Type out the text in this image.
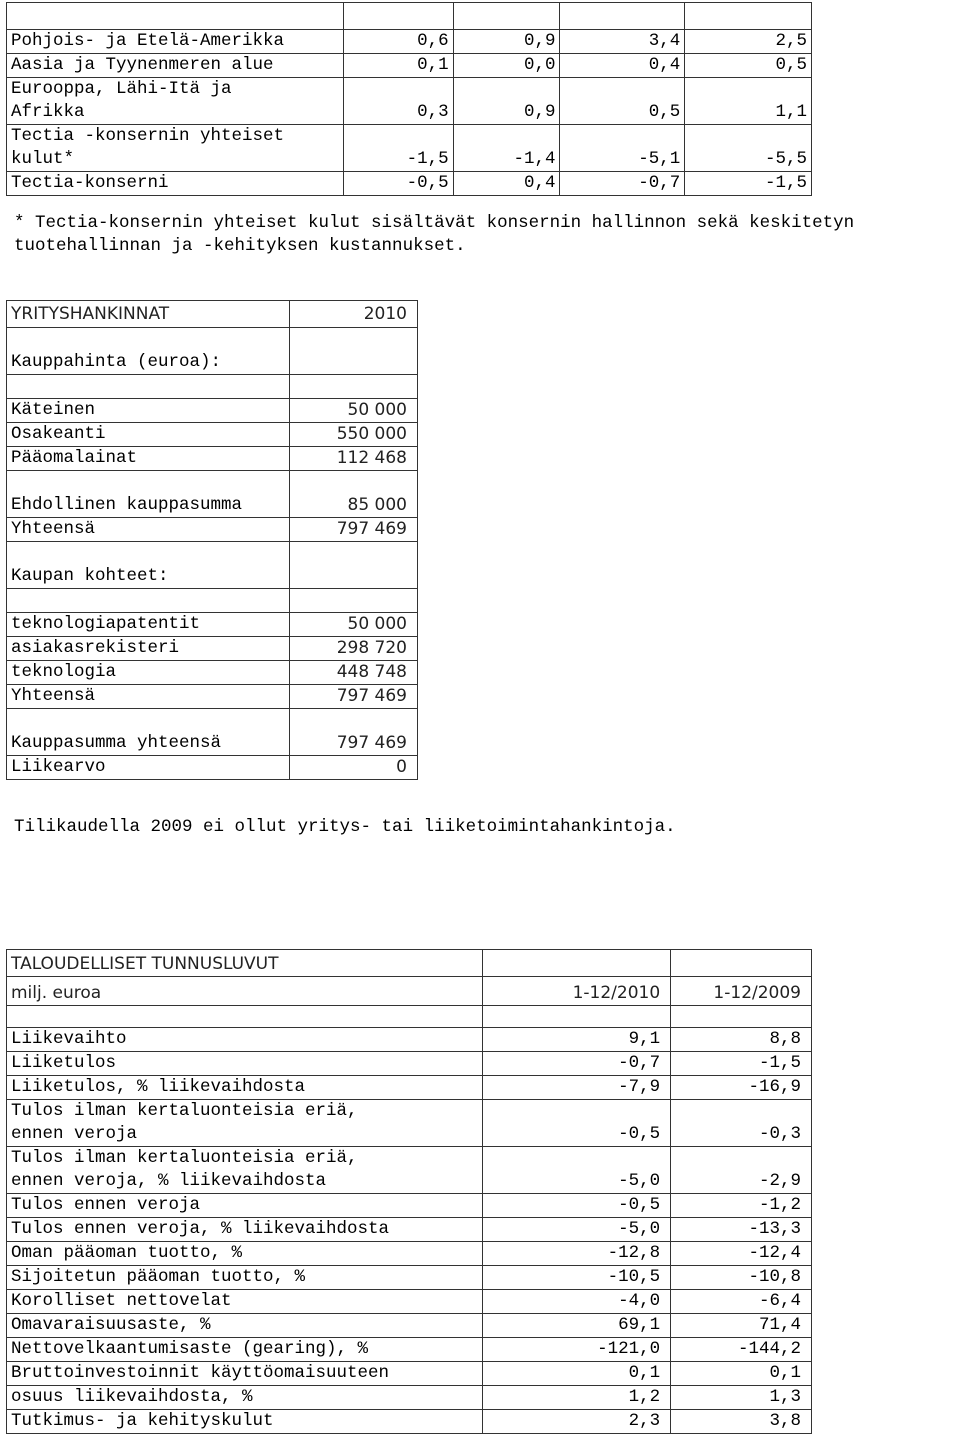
Pohjois- ja Etelä-Amerikka	0,6	0,9	3,4	2,5

Aasia ja Tyynenmeren alue	0,1	0,0	0,4	0,5

Eurooppa, Lähi-Itä ja
Afrikka	0,3	0,9	0,5	1,1

Tectia -konsernin yhteiset
kulut*	-1,5	-1,4	-5,1	-5,5

Tectia-konserni	-0,5	0,4	-0,7	-1,5
* Tectia-konsernin yhteiset kulut sisältävät konsernin hallinnon sekä keskitetyn
tuotehallinnan ja -kehityksen kustannukset.
YRITYSHANKINNAT	2010
Kauppahinta (euroa):	

Käteinen	50 000
Osakeanti	550 000
Pääomalainat	112 468
Ehdollinen kauppasumma	85 000
Yhteensä	797 469
Kaupan kohteet:	

teknologiapatentit	50 000
asiakasrekisteri	298 720
teknologia	448 748
Yhteensä	797 469
Kauppasumma yhteensä	797 469
Liikearvo	0
Tilikaudella 2009 ei ollut yritys- tai liiketoimintahankintoja.
TALOUDELLISET TUNNUSLUVUT		
milj. euroa	1-12/2010	1-12/2009

Liikevaihto	9,1	8,8

Liiketulos	-0,7	-1,5

Liiketulos, % liikevaihdosta	-7,9	-16,9

Tulos ilman kertaluonteisia eriä,
ennen veroja	-0,5	-0,3

Tulos ilman kertaluonteisia eriä,
ennen veroja, % liikevaihdosta	-5,0	-2,9

Tulos ennen veroja	-0,5	-1,2

Tulos ennen veroja, % liikevaihdosta	-5,0	-13,3

Oman pääoman tuotto, %	-12,8	-12,4

Sijoitetun pääoman tuotto, %	-10,5	-10,8

Korolliset nettovelat	-4,0	-6,4

Omavaraisuusaste, %	69,1	71,4

Nettovelkaantumisaste (gearing), %	-121,0	-144,2

Bruttoinvestoinnit käyttöomaisuuteen	0,1	0,1

osuus liikevaihdosta, %	1,2	1,3

Tutkimus- ja kehityskulut	2,3	3,8
